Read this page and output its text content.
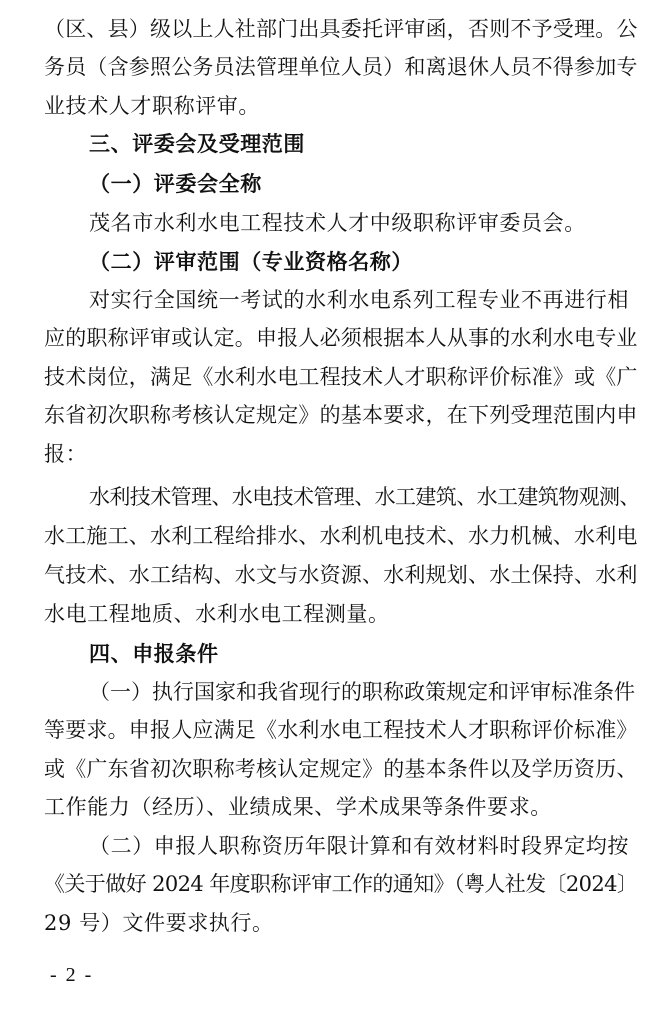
（区、县）级以上人社部门出具委托评审函，否则不予受理。公
务员（含参照公务员法管理单位人员）和离退休人员不得参加专
业技术人才职称评审。
三、评委会及受理范围
（一）评委会全称
茂名市水利水电工程技术人才中级职称评审委员会。
（二）评审范围（专业资格名称）
对实行全国统一考试的水利水电系列工程专业不再进行相
应的职称评审或认定。申报人必须根据本人从事的水利水电专业
技术岗位，满足《水利水电工程技术人才职称评价标准》或《广
东省初次职称考核认定规定》的基本要求，在下列受理范围内申
报：
水利技术管理、水电技术管理、水工建筑、水工建筑物观测、
水工施工、水利工程给排水、水利机电技术、水力机械、水利电
气技术、水工结构、水文与水资源、水利规划、水土保持、水利
水电工程地质、水利水电工程测量。
四、申报条件
（一）执行国家和我省现行的职称政策规定和评审标准条件
等要求。申报人应满足《水利水电工程技术人才职称评价标准》
或《广东省初次职称考核认定规定》的基本条件以及学历资历、
工作能力（经历）、业绩成果、学术成果等条件要求。
（二）申报人职称资历年限计算和有效材料时段界定均按
《关于做好 2024 年度职称评审工作的通知》（粤人社发〔2024〕
29 号）文件要求执行。
- 2 -
